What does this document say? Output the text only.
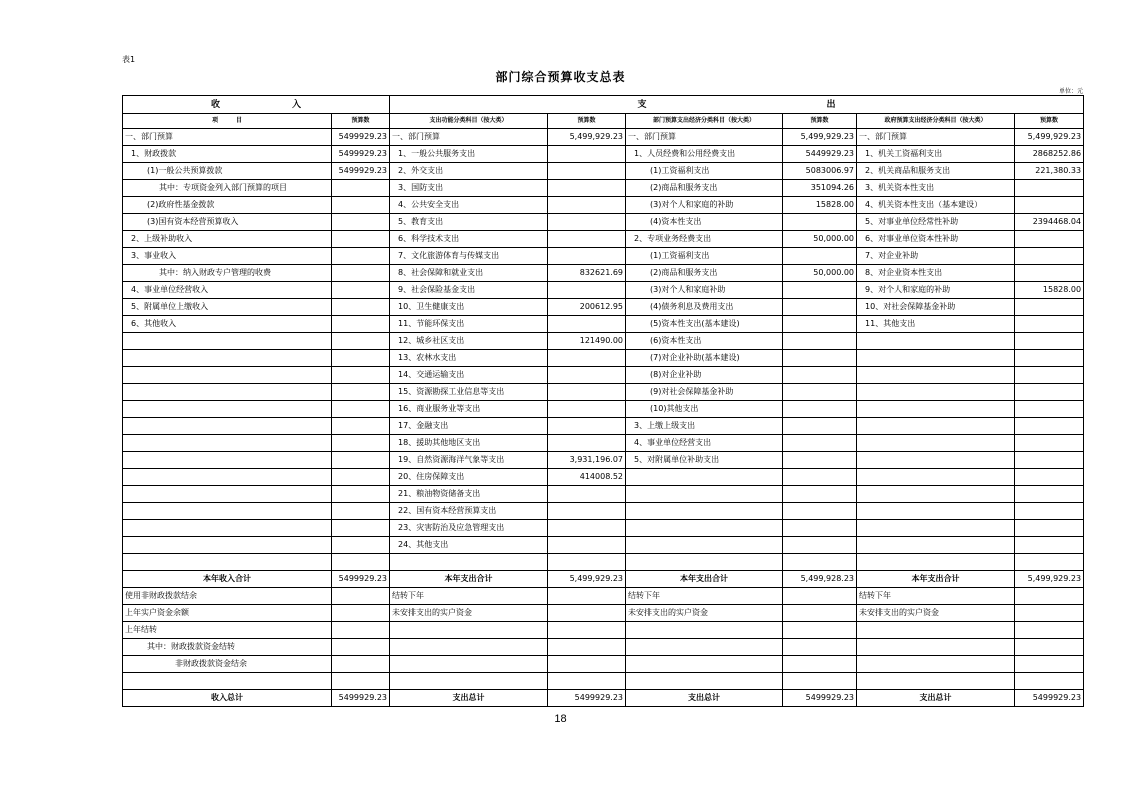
表1
部门综合预算收支总表
单位：元
收　　　　　　　　入		支　　　　　　　　　　　　　　　　　　　　出					
项　　　目	预算数	支出功能分类科目（按大类）	预算数	部门预算支出经济分类科目（按大类）	预算数	政府预算支出经济分类科目（按大类）	预算数
一、部门预算	5499929.23	一、部门预算	5,499,929.23	一、部门预算	5,499,929.23	一、部门预算	5,499,929.23
1、财政拨款	5499929.23	1、一般公共服务支出		1、人员经费和公用经费支出	5449929.23	1、机关工资福利支出	2868252.86
(1)一般公共预算拨款	5499929.23	2、外交支出		(1)工资福利支出	5083006.97	2、机关商品和服务支出	221,380.33
其中：专项资金列入部门预算的项目		3、国防支出		(2)商品和服务支出	351094.26	3、机关资本性支出	
(2)政府性基金拨款		4、公共安全支出		(3)对个人和家庭的补助	15828.00	4、机关资本性支出（基本建设）	
(3)国有资本经营预算收入		5、教育支出		(4)资本性支出		5、对事业单位经常性补助	2394468.04
2、上级补助收入		6、科学技术支出		2、专项业务经费支出	50,000.00	6、对事业单位资本性补助	
3、事业收入		7、文化旅游体育与传媒支出		(1)工资福利支出		7、对企业补助	
其中：纳入财政专户管理的收费		8、社会保障和就业支出	832621.69	(2)商品和服务支出	50,000.00	8、对企业资本性支出	
4、事业单位经营收入		9、社会保险基金支出		(3)对个人和家庭补助		9、对个人和家庭的补助	15828.00
5、附属单位上缴收入		10、卫生健康支出	200612.95	(4)债务利息及费用支出		10、对社会保障基金补助	
6、其他收入		11、节能环保支出		(5)资本性支出(基本建设)		11、其他支出	
		12、城乡社区支出	121490.00	(6)资本性支出			
		13、农林水支出		(7)对企业补助(基本建设)			
		14、交通运输支出		(8)对企业补助			
		15、资源勘探工业信息等支出		(9)对社会保障基金补助			
		16、商业服务业等支出		(10)其他支出			
		17、金融支出		3、上缴上级支出			
		18、援助其他地区支出		4、事业单位经营支出			
		19、自然资源海洋气象等支出	3,931,196.07	5、对附属单位补助支出			
		20、住房保障支出	414008.52				
		21、粮油物资储备支出					
		22、国有资本经营预算支出					
		23、灾害防治及应急管理支出					
		24、其他支出					

本年收入合计	5499929.23	本年支出合计	5,499,929.23	本年支出合计	5,499,928.23	本年支出合计	5,499,929.23
使用非财政拨款结余		结转下年		结转下年		结转下年	
上年实户资金余额		未安排支出的实户资金		未安排支出的实户资金		未安排支出的实户资金	
上年结转							
其中：财政拨款资金结转							
非财政拨款资金结余							

收入总计	5499929.23	支出总计	5499929.23	支出总计	5499929.23	支出总计	5499929.23
18
